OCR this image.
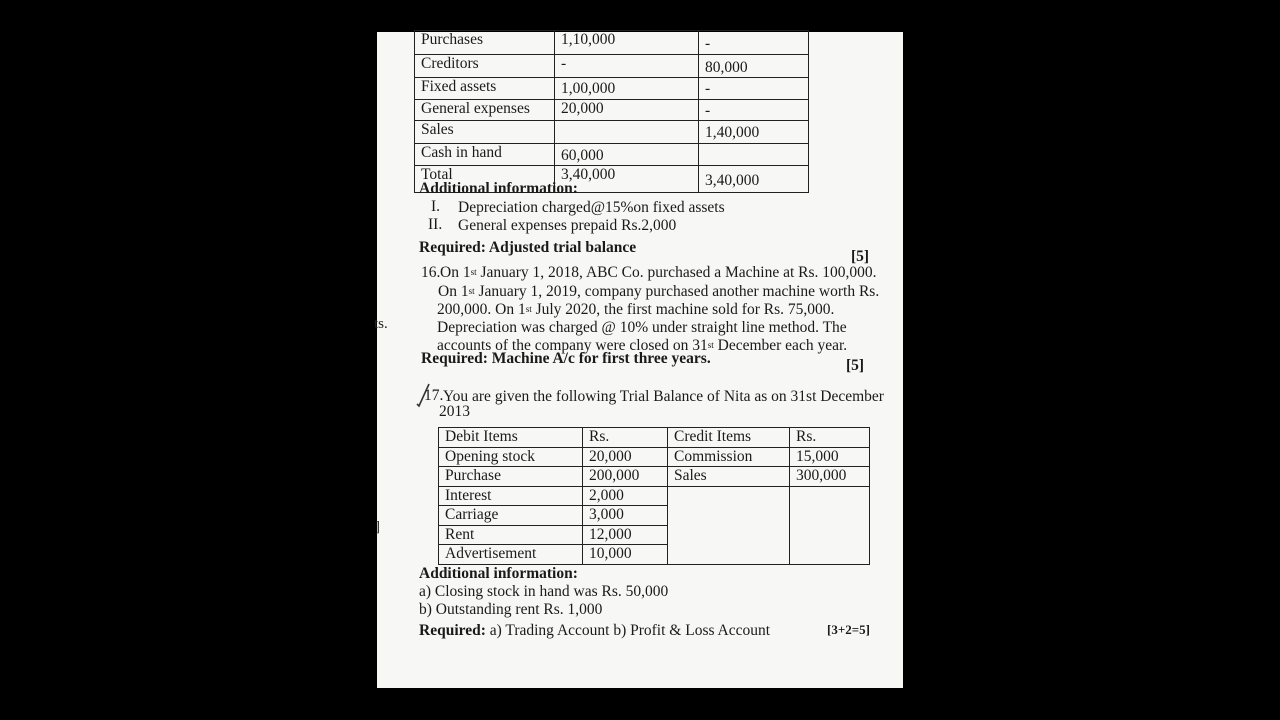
Purchases	1,10,000	-
Creditors	-	80,000
Fixed assets	1,00,000	-
General expenses	20,000	-
Sales		1,40,000
Cash in hand	60,000	
Total	3,40,000	3,40,000
Additional information:
I. Depreciation charged@15%on fixed assets
II. General expenses prepaid Rs.2,000
Required: Adjusted trial balance
[5]
16. On 1st January 1, 2018, ABC Co. purchased a Machine at Rs. 100,000.
On 1st January 1, 2019, company purchased another machine worth Rs.
200,000. On 1st July 2020, the first machine sold for Rs. 75,000.
Depreciation was charged @ 10% under straight line method. The
accounts of the company were closed on 31st December each year.
Required: Machine A/c for first three years.	[5]
17. You are given the following Trial Balance of Nita as on 31st December
2013
Debit Items	Rs.	Credit Items	Rs.
Opening stock	20,000	Commission	15,000
Purchase	200,000	Sales	300,000
Interest	2,000		
Carriage	3,000		
Rent	12,000		
Advertisement	10,000		
Additional information:
a) Closing stock in hand was Rs. 50,000
b) Outstanding rent Rs. 1,000
Required: a) Trading Account b) Profit & Loss Account	[3+2=5]
ts.
]
